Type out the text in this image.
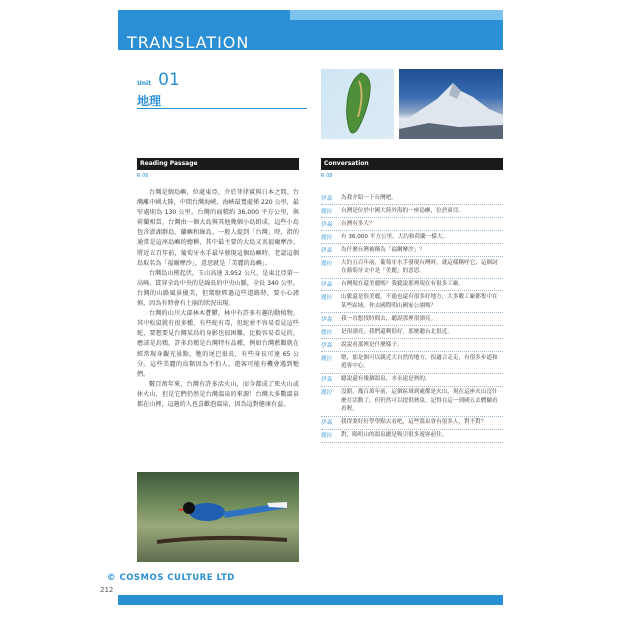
TRANSLATION
Unit 01
地理
Reading Passage
R 06

台灣是個島嶼，位處東亞，介於菲律賓與日本之間。台灣離中國大陸，中間台灣海峽，海峽最寬處僅 220 公里，最窄處則為 130 公里。台灣的面積約 36,000 平方公里，與荷蘭相當，台灣由一個大島與其他幾個小島組成，這些小島包含澎湖群島、蘭嶼和綠島。一般人提到「台灣」時，指的通常是這座島嶼的總稱，其中最主要的大島又名福爾摩沙。將近五百年前，葡萄牙水手最早發現這個島嶼時，老認這個島取名為「福爾摩沙」，意思就是「美麗的島嶼」。

台灣島山巒起伏，玉山高達 3,952 公尺，是東北亞第一高峰。貫穿全島中央的是綿長的中央山脈，全長 340 公里。台灣的山路風景優美，但駕駛經過這些道路時，要小心謹慎，因為有時會有土崩的狀況出現。

台灣的山川大部林木蒼鬱，林中有許多有趣的動植物，其中松鼠就有很多種，有些蛇有毒，但蛇並不容易看見這些蛇，要想要見台灣某鳥的身影也很困難，比較容易看見的，應該是烏鴉。許多烏鴉是台灣特有品種，例如台灣藍鵲就在經常現身觀光景點，牠的尾巴很長，有些身長可達 65 公分。這些美麗的鳥類因為不怕人，遊客可能有機會遇到牠們。

數百萬年來，台灣有許多活火山，而今都成了死火山或休火山，但是它們仍然是台灣溫泉的來源！台灣大多數溫泉都在山裡，這趟的人也喜歡泡溫泉，因為這對健康有益。

Conversation
R 08
伊森	為我介紹一下台灣吧。
麗拉	台灣是位於中國大陸外海的一座島嶼，位於東亞。
伊森	台灣有多大？
麗拉	有 36,000 平方公里，大約和荷蘭一樣大。
伊森	為什麼台灣被稱為「福爾摩沙」？
麗拉	大約五百年前，葡萄牙水手發現台灣時，就這樣稱呼它，這個詞在葡萄牙文中是「美麗」的意思。
伊森	台灣現在還美麗嗎？我聽說那裡現在有很多工廠。
麗拉	山脈還是很美麗，不過也還有很多好地方，大多數工廠都集中在某些區域。你去國際明山國家公園嗎？
伊森	我一直想找時間去，聽說那裡很漂亮。
麗拉	是很漂亮，我們還剩很好，那麼聽台北很近。
伊森	說說看那裡是什麼樣子。
麗拉	嗯，那是個可以親近大自然的地方，很適合走走，有很多步道和遊客中心。
伊森	聽說還有幾個溫泉，水永遠是熱的。
麗拉	沒錯，幾百萬年前，這個區域到處都是火山，現在這座火山沒什麼在活動了，但仍然可以提供熱泉。記得在這一到國五去體驗看看喔。
伊森	我得要好好學學點去看吧，這些溫泉會有很多人，對不對？
麗拉	對，陽明山的溫泉總是吸引很多遊客前往。
© COSMOS CULTURE LTD
212
